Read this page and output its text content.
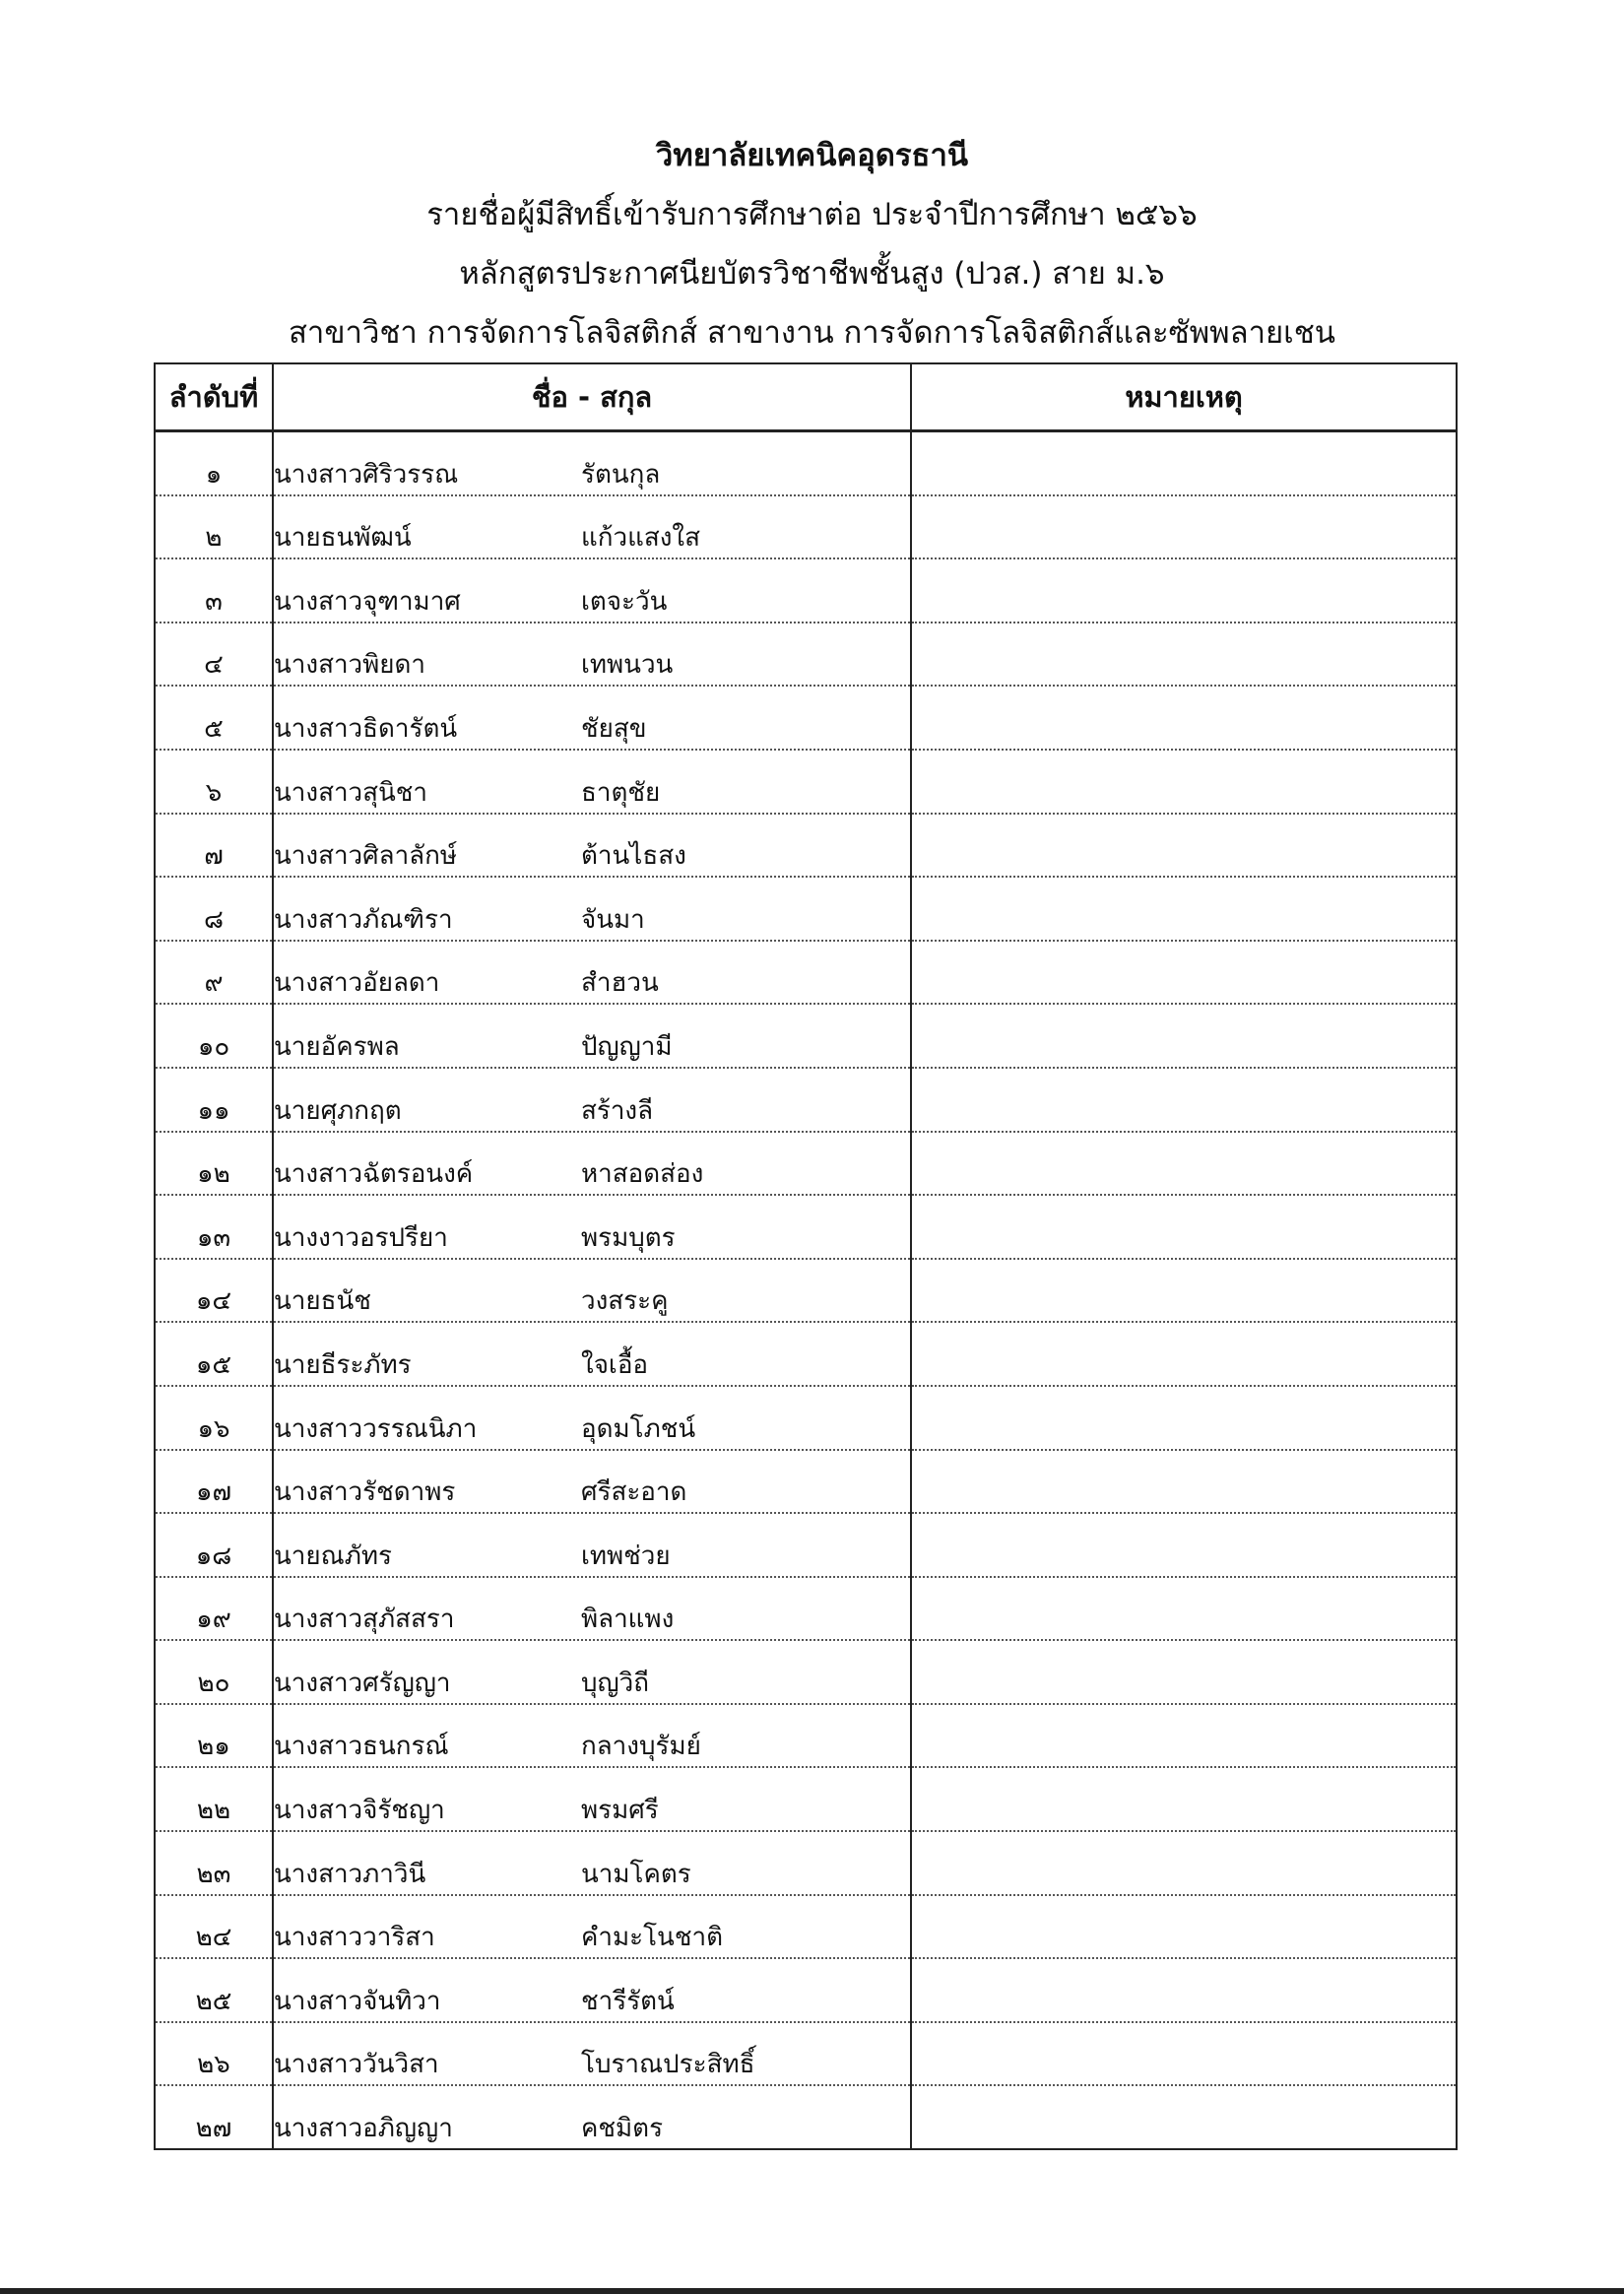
วิทยาลัยเทคนิคอุดรธานี
รายชื่อผู้มีสิทธิ์เข้ารับการศึกษาต่อ ประจำปีการศึกษา ๒๕๖๖
หลักสูตรประกาศนียบัตรวิชาชีพชั้นสูง (ปวส.) สาย ม.๖
สาขาวิชา การจัดการโลจิสติกส์ สาขางาน การจัดการโลจิสติกส์และซัพพลายเชน
ลำดับที่	ชื่อ - สกุล	หมายเหตุ
๑	นางสาวศิริวรรณ รัตนกุล	
๒	นายธนพัฒน์ แก้วแสงใส	
๓	นางสาวจุฑามาศ เตจะวัน	
๔	นางสาวพิยดา เทพนวน	
๕	นางสาวธิดารัตน์ ชัยสุข	
๖	นางสาวสุนิชา ธาตุชัย	
๗	นางสาวศิลาลักษ์ ต้านไธสง	
๘	นางสาวภัณฑิรา จันมา	
๙	นางสาวอัยลดา สำฮวน	
๑๐	นายอัครพล ปัญญามี	
๑๑	นายศุภกฤต สร้างลี	
๑๒	นางสาวฉัตรอนงค์ หาสอดส่อง	
๑๓	นางงาวอรปรียา พรมบุตร	
๑๔	นายธนัช วงสระคู	
๑๕	นายธีระภัทร ใจเอื้อ	
๑๖	นางสาววรรณนิภา อุดมโภชน์	
๑๗	นางสาวรัชดาพร ศรีสะอาด	
๑๘	นายณภัทร เทพช่วย	
๑๙	นางสาวสุภัสสรา พิลาแพง	
๒๐	นางสาวศรัญญา บุญวิถี	
๒๑	นางสาวธนกรณ์ กลางบุรัมย์	
๒๒	นางสาวจิรัชญา พรมศรี	
๒๓	นางสาวภาวินี นามโคตร	
๒๔	นางสาววาริสา คำมะโนชาติ	
๒๕	นางสาวจันทิวา ชารีรัตน์	
๒๖	นางสาววันวิสา โบราณประสิทธิ์	
๒๗	นางสาวอภิญญา คชมิตร	
